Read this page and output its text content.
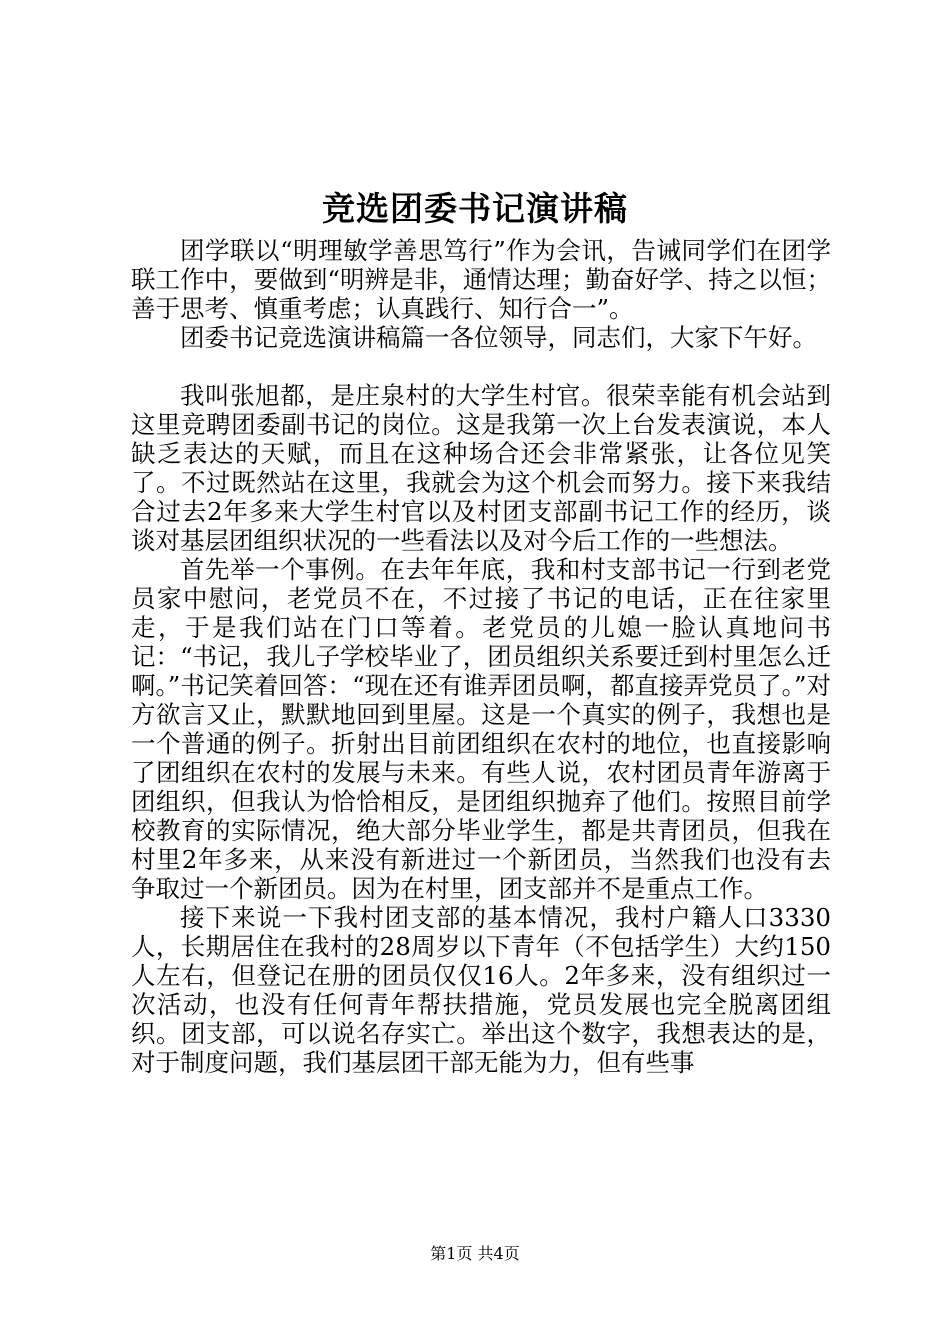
竞选团委书记演讲稿

团学联以“明理敏学善思笃行”作为会讯，告诫同学们在团学联工作中，要做到“明辨是非，通情达理；勤奋好学、持之以恒；善于思考、慎重考虑；认真践行、知行合一”。

团委书记竞选演讲稿篇一各位领导，同志们，大家下午好。

我叫张旭都，是庄泉村的大学生村官。很荣幸能有机会站到这里竞聘团委副书记的岗位。这是我第一次上台发表演说，本人缺乏表达的天赋，而且在这种场合还会非常紧张，让各位见笑了。不过既然站在这里，我就会为这个机会而努力。接下来我结合过去2年多来大学生村官以及村团支部副书记工作的经历，谈谈对基层团组织状况的一些看法以及对今后工作的一些想法。

首先举一个事例。在去年年底，我和村支部书记一行到老党员家中慰问，老党员不在，不过接了书记的电话，正在往家里走，于是我们站在门口等着。老党员的儿媳一脸认真地问书记：“书记，我儿子学校毕业了，团员组织关系要迁到村里怎么迁啊。”书记笑着回答：“现在还有谁弄团员啊，都直接弄党员了。”对方欲言又止，默默地回到里屋。这是一个真实的例子，我想也是一个普通的例子。折射出目前团组织在农村的地位，也直接影响了团组织在农村的发展与未来。有些人说，农村团员青年游离于团组织，但我认为恰恰相反，是团组织抛弃了他们。按照目前学校教育的实际情况，绝大部分毕业学生，都是共青团员，但我在村里2年多来，从来没有新进过一个新团员，当然我们也没有去争取过一个新团员。因为在村里，团支部并不是重点工作。

接下来说一下我村团支部的基本情况，我村户籍人口3330人，长期居住在我村的28周岁以下青年（不包括学生）大约150人左右，但登记在册的团员仅仅16人。2年多来，没有组织过一次活动，也没有任何青年帮扶措施，党员发展也完全脱离团组织。团支部，可以说名存实亡。举出这个数字，我想表达的是，对于制度问题，我们基层团干部无能为力，但有些事

第1页 共4页
